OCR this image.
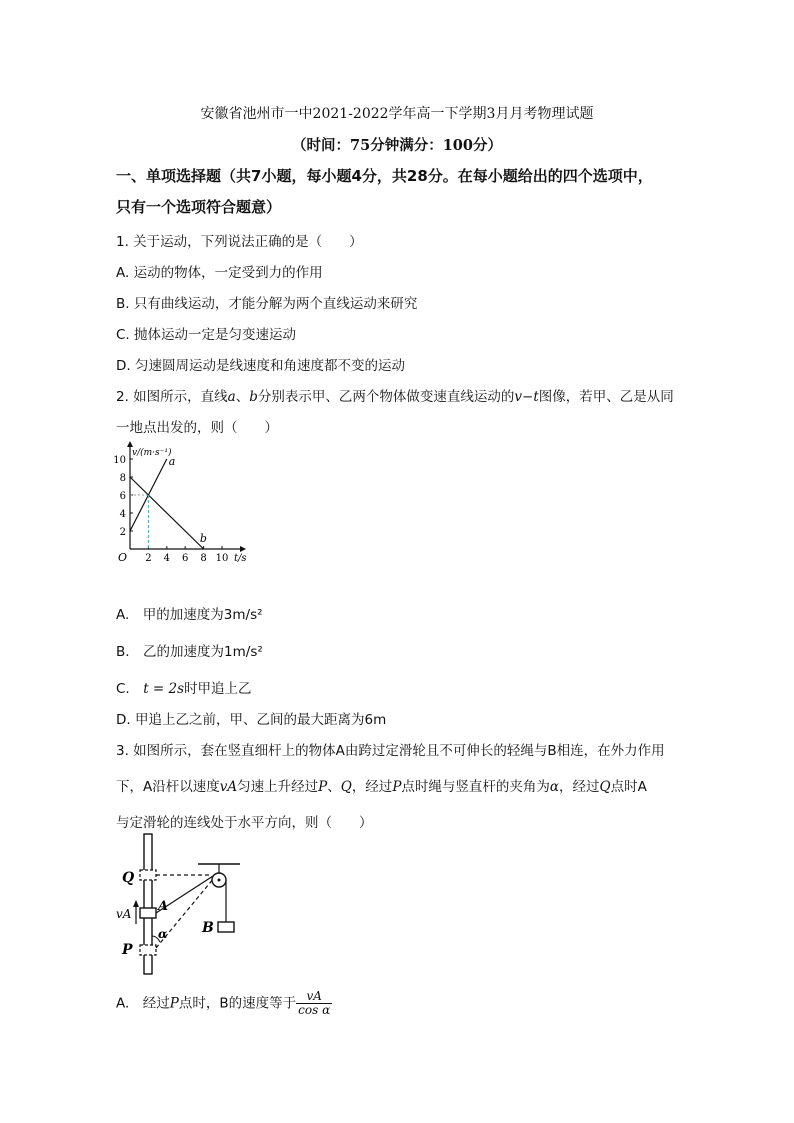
安徽省池州市一中2021-2022学年高一下学期3月月考物理试题
（时间：75分钟满分：100分）
一、单项选择题（共7小题，每小题4分，共28分。在每小题给出的四个选项中，
只有一个选项符合题意）
1. 关于运动，下列说法正确的是（　　）
A. 运动的物体，一定受到力的作用
B. 只有曲线运动，才能分解为两个直线运动来研究
C. 抛体运动一定是匀变速运动
D. 匀速圆周运动是线速度和角速度都不变的运动
2. 如图所示，直线a、b分别表示甲、乙两个物体做变速直线运动的v−t图像，若甲、乙是从同
一地点出发的，则（　　）
2
4
6
8
10
2 4 6 8 10
O
v/(m·s⁻¹)
t/s
a
b
A.　甲的加速度为3m/s²
B.　乙的加速度为1m/s²
C.　t = 2s时甲追上乙
D. 甲追上乙之前，甲、乙间的最大距离为6m
3. 如图所示，套在竖直细杆上的物体A由跨过定滑轮且不可伸长的轻绳与B相连，在外力作用
下，A沿杆以速度vA匀速上升经过P、Q，经过P点时绳与竖直杆的夹角为α，经过Q点时A
与定滑轮的连线处于水平方向，则（　　）
Q
A
vA
α
P
B
A.　经过P点时，B的速度等于 $\frac{vA}{\text{cos α}}$
